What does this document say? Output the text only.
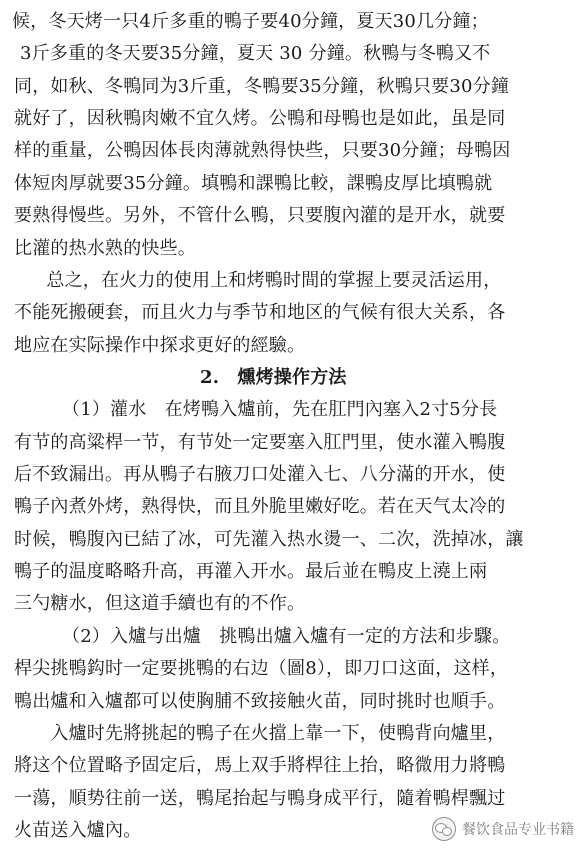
候，冬天烤一只4斤多重的鴨子要40分鐘，夏天30几分鐘；
3斤多重的冬天要35分鐘，夏天 30 分鐘。秋鴨与冬鴨又不
同，如秋、冬鴨同为3斤重，冬鴨要35分鐘，秋鴨只要30分鐘
就好了，因秋鴨肉嫩不宜久烤。公鴨和母鴨也是如此，虽是同
样的重量，公鴨因体長肉薄就熟得快些，只要30分鐘；母鴨因
体短肉厚就要35分鐘。填鴨和課鴨比較，課鴨皮厚比填鴨就
要熟得慢些。另外，不管什么鴨，只要腹內灌的是开水，就要
比灌的热水熟的快些。
　　总之，在火力的使用上和烤鴨时間的掌握上要灵活运用，
不能死搬硬套，而且火力与季节和地区的气候有很大关系，各
地应在实际操作中探求更好的經驗。
2.　燻烤操作方法
（1）灌水　在烤鴨入爐前，先在肛門內塞入2寸5分長
有节的高粱桿一节，有节处一定要塞入肛門里，使水灌入鴨腹
后不致漏出。再从鴨子右腋刀口处灌入七、八分滿的开水，使
鴨子內煮外烤，熟得快，而且外脆里嫩好吃。若在天气太冷的
时候，鴨腹內已結了冰，可先灌入热水燙一、二次，洗掉冰，讓
鴨子的温度略略升高，再灌入开水。最后並在鴨皮上澆上兩
三勺糖水，但这道手續也有的不作。
（2）入爐与出爐　挑鴨出爐入爐有一定的方法和步驟。
桿尖挑鴨鈎时一定要挑鴨的右边（圖8），即刀口这面，这样，
鴨出爐和入爐都可以使胸脯不致接触火苗，同时挑时也順手。
　　入爐时先將挑起的鴨子在火擋上靠一下，使鴨背向爐里，
將这个位置略予固定后，馬上双手將桿往上抬，略微用力將鴨
一蕩，順势往前一送，鴨尾抬起与鴨身成平行，隨着鴨桿飄过
火苗送入爐內。	餐饮食品专业书籍
